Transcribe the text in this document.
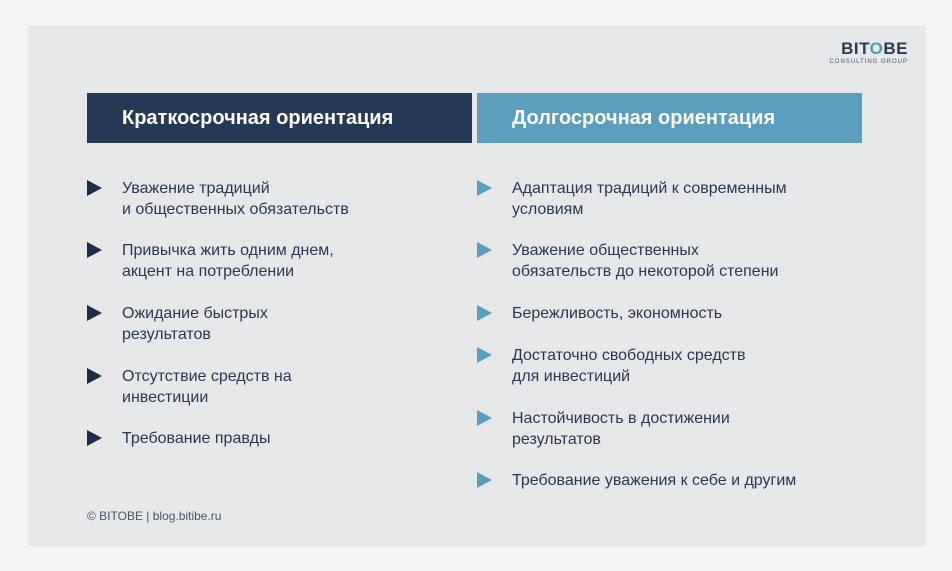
BITOBE
CONSULTING GROUP
Краткосрочная ориентация	Долгосрочная ориентация
Уважение традиций
и общественных обязательств
Привычка жить одним днем,
акцент на потреблении
Ожидание быстрых
результатов
Отсутствие средств на
инвестиции
Требование правды
Адаптация традиций к современным
условиям
Уважение общественных
обязательств до некоторой степени
Бережливость, экономность
Достаточно свободных средств
для инвестиций
Настойчивость в достижении
результатов
Требование уважения к себе и другим
© BITOBE | blog.bitibe.ru
